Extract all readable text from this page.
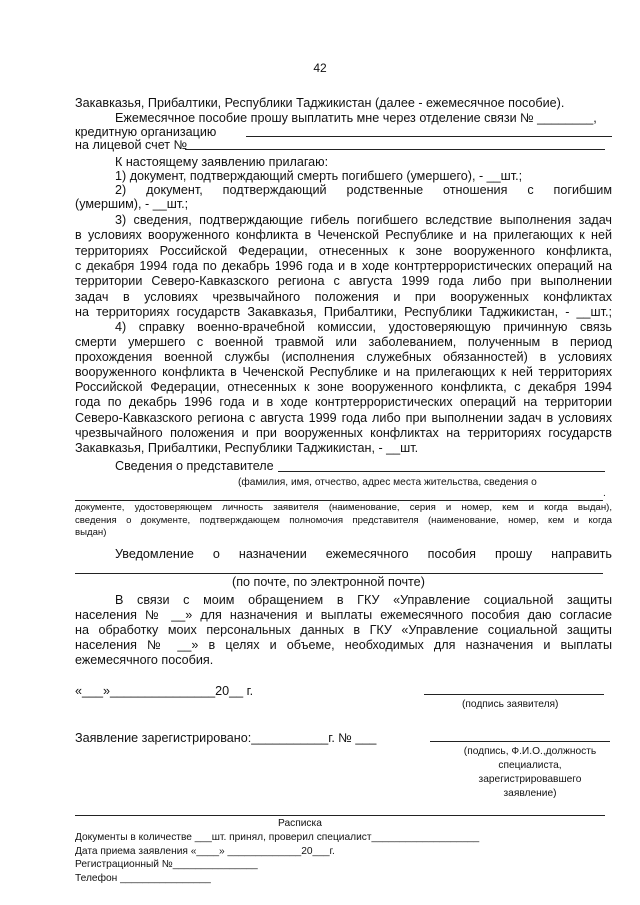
42
Закавказья, Прибалтики, Республики Таджикистан (далее - ежемесячное пособие).
Ежемесячное пособие прошу выплатить мне через отделение связи № ________,
кредитную организацию
на лицевой счет №
К настоящему заявлению прилагаю:
1) документ, подтверждающий смерть погибшего (умершего), - __шт.;
2) документ, подтверждающий родственные отношения с погибшим
(умершим), - __шт.;
3) сведения, подтверждающие гибель погибшего вследствие выполнения задач
в условиях вооруженного конфликта в Чеченской Республике и на прилегающих к ней
территориях Российской Федерации, отнесенных к зоне вооруженного конфликта,
с декабря 1994 года по декабрь 1996 года и в ходе контртеррористических операций на
территории Северо-Кавказского региона с августа 1999 года либо при выполнении
задач в условиях чрезвычайного положения и при вооруженных конфликтах
на территориях государств Закавказья, Прибалтики, Республики Таджикистан, - __шт.;
4) справку военно-врачебной комиссии, удостоверяющую причинную связь
смерти умершего с военной травмой или заболеванием, полученным в период
прохождения военной службы (исполнения служебных обязанностей) в условиях
вооруженного конфликта в Чеченской Республике и на прилегающих к ней территориях
Российской Федерации, отнесенных к зоне вооруженного конфликта, с декабря 1994
года по декабрь 1996 года и в ходе контртеррористических операций на территории
Северо-Кавказского региона с августа 1999 года либо при выполнении задач в условиях
чрезвычайного положения и при вооруженных конфликтах на территориях государств
Закавказья, Прибалтики, Республики Таджикистан, - __шт.
Сведения о представителе
(фамилия, имя, отчество, адрес места жительства, сведения о
.
документе, удостоверяющем личность заявителя (наименование, серия и номер, кем и когда выдан),
сведения о документе, подтверждающем полномочия представителя (наименование, номер, кем и когда
выдан)
Уведомление о назначении ежемесячного пособия прошу направить
(по почте, по электронной почте)
В связи с моим обращением в ГКУ «Управление социальной защиты
населения № __» для назначения и выплаты ежемесячного пособия даю согласие
на обработку моих персональных данных в ГКУ «Управление социальной защиты
населения № __» в целях и объеме, необходимых для назначения и выплаты
ежемесячного пособия.
«___»_______________20__ г.
(подпись заявителя)
Заявление зарегистрировано:___________г. № ___
(подпись, Ф.И.О.,должность
специалиста,
зарегистрировавшего
заявление)
Расписка
Документы в количестве ___шт. принял, проверил специалист___________________
Дата приема заявления «____» _____________20___г.
Регистрационный №_______________
Телефон ________________
